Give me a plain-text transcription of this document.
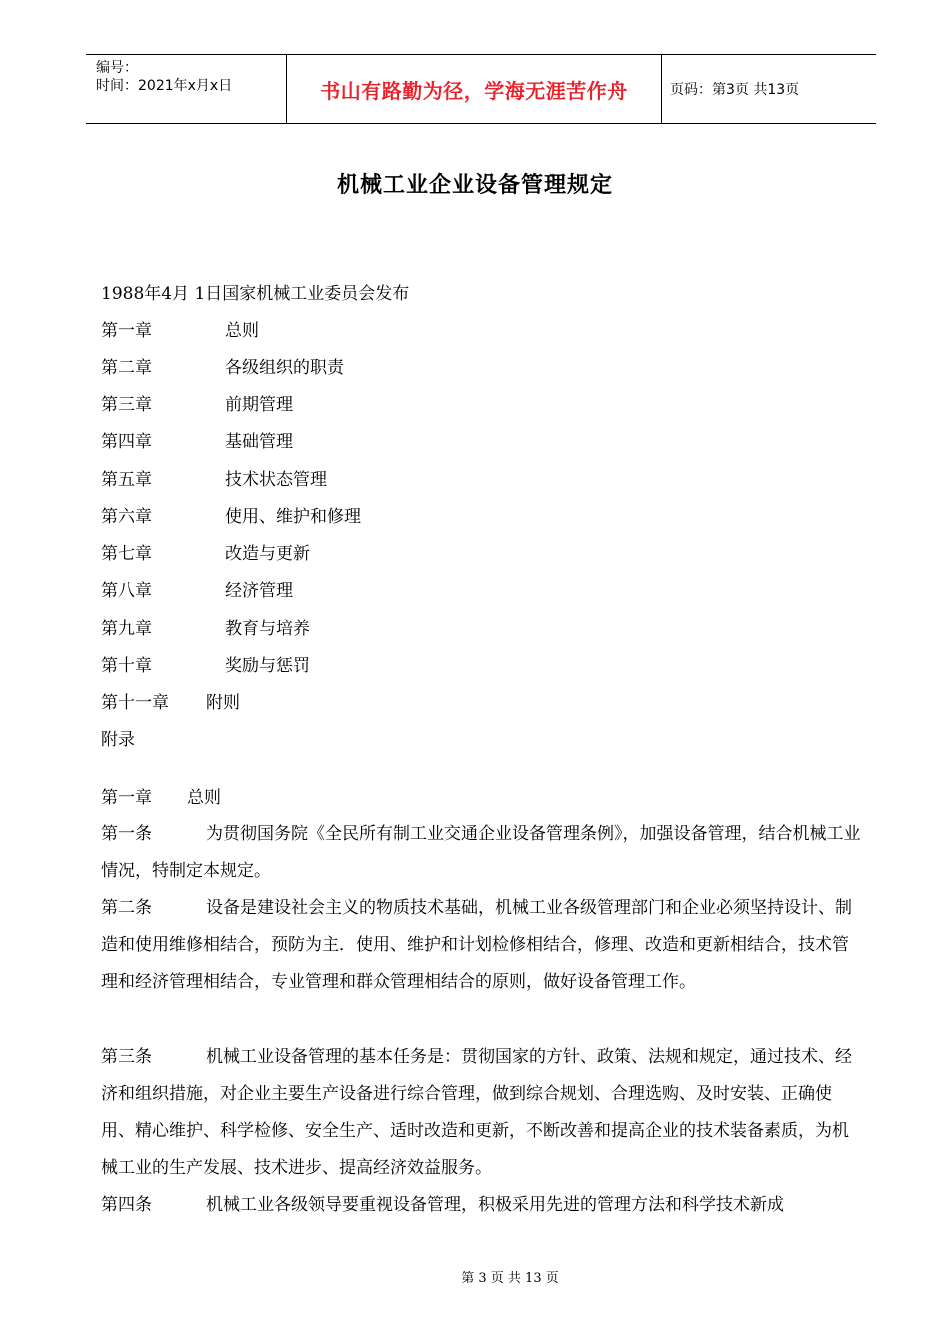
编号：
时间：2021年x月x日	书山有路勤为径，学海无涯苦作舟	页码：第3页 共13页
机械工业企业设备管理规定
1988年4月 1日国家机械工业委员会发布
第一章	总则
第二章	各级组织的职责
第三章	前期管理
第四章	基础管理
第五章	技术状态管理
第六章	使用、维护和修理
第七章	改造与更新
第八章	经济管理
第九章	教育与培养
第十章	奖励与惩罚
第十一章 附则
附录
第一章 总则
第一条	为贯彻国务院《全民所有制工业交通企业设备管理条例》，加强设备管理，结合机械工业情况，特制定本规定。
第二条	设备是建设社会主义的物质技术基础，机械工业各级管理部门和企业必须坚持设计、制造和使用维修相结合，预防为主．使用、维护和计划检修相结合，修理、改造和更新相结合，技术管理和经济管理相结合，专业管理和群众管理相结合的原则，做好设备管理工作。
第三条	机械工业设备管理的基本任务是：贯彻国家的方针、政策、法规和规定，通过技术、经济和组织措施，对企业主要生产设备进行综合管理，做到综合规划、合理选购、及时安装、正确使用、精心维护、科学检修、安全生产、适时改造和更新，不断改善和提高企业的技术装备素质，为机械工业的生产发展、技术进步、提高经济效益服务。
第四条	机械工业各级领导要重视设备管理，积极采用先进的管理方法和科学技术新成
第 3 页 共 13 页
